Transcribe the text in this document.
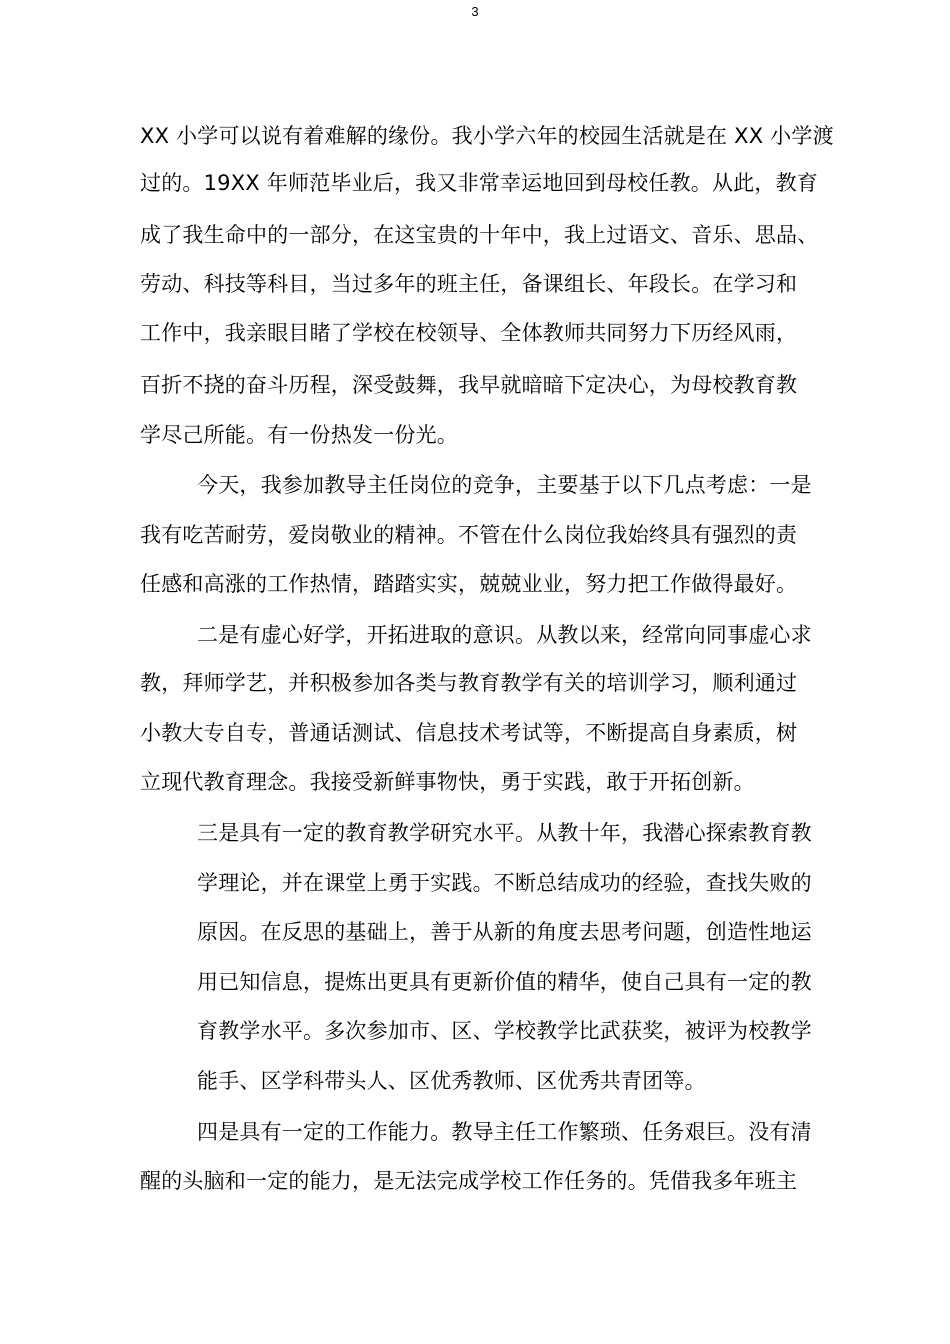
3
XX 小学可以说有着难解的缘份。我小学六年的校园生活就是在 XX 小学渡
过的。19XX 年师范毕业后，我又非常幸运地回到母校任教。从此，教育
成了我生命中的一部分，在这宝贵的十年中，我上过语文、音乐、思品、
劳动、科技等科目，当过多年的班主任，备课组长、年段长。在学习和
工作中，我亲眼目睹了学校在校领导、全体教师共同努力下历经风雨，
百折不挠的奋斗历程，深受鼓舞，我早就暗暗下定决心，为母校教育教
学尽己所能。有一份热发一份光。
今天，我参加教导主任岗位的竞争，主要基于以下几点考虑：一是
我有吃苦耐劳，爱岗敬业的精神。不管在什么岗位我始终具有强烈的责
任感和高涨的工作热情，踏踏实实，兢兢业业，努力把工作做得最好。
二是有虚心好学，开拓进取的意识。从教以来，经常向同事虚心求
教，拜师学艺，并积极参加各类与教育教学有关的培训学习，顺利通过
小教大专自专，普通话测试、信息技术考试等，不断提高自身素质，树
立现代教育理念。我接受新鲜事物快，勇于实践，敢于开拓创新。
三是具有一定的教育教学研究水平。从教十年，我潜心探索教育教
学理论，并在课堂上勇于实践。不断总结成功的经验，查找失败的
原因。在反思的基础上，善于从新的角度去思考问题，创造性地运
用已知信息，提炼出更具有更新价值的精华，使自己具有一定的教
育教学水平。多次参加市、区、学校教学比武获奖，被评为校教学
能手、区学科带头人、区优秀教师、区优秀共青团等。
四是具有一定的工作能力。教导主任工作繁琐、任务艰巨。没有清
醒的头脑和一定的能力，是无法完成学校工作任务的。凭借我多年班主
